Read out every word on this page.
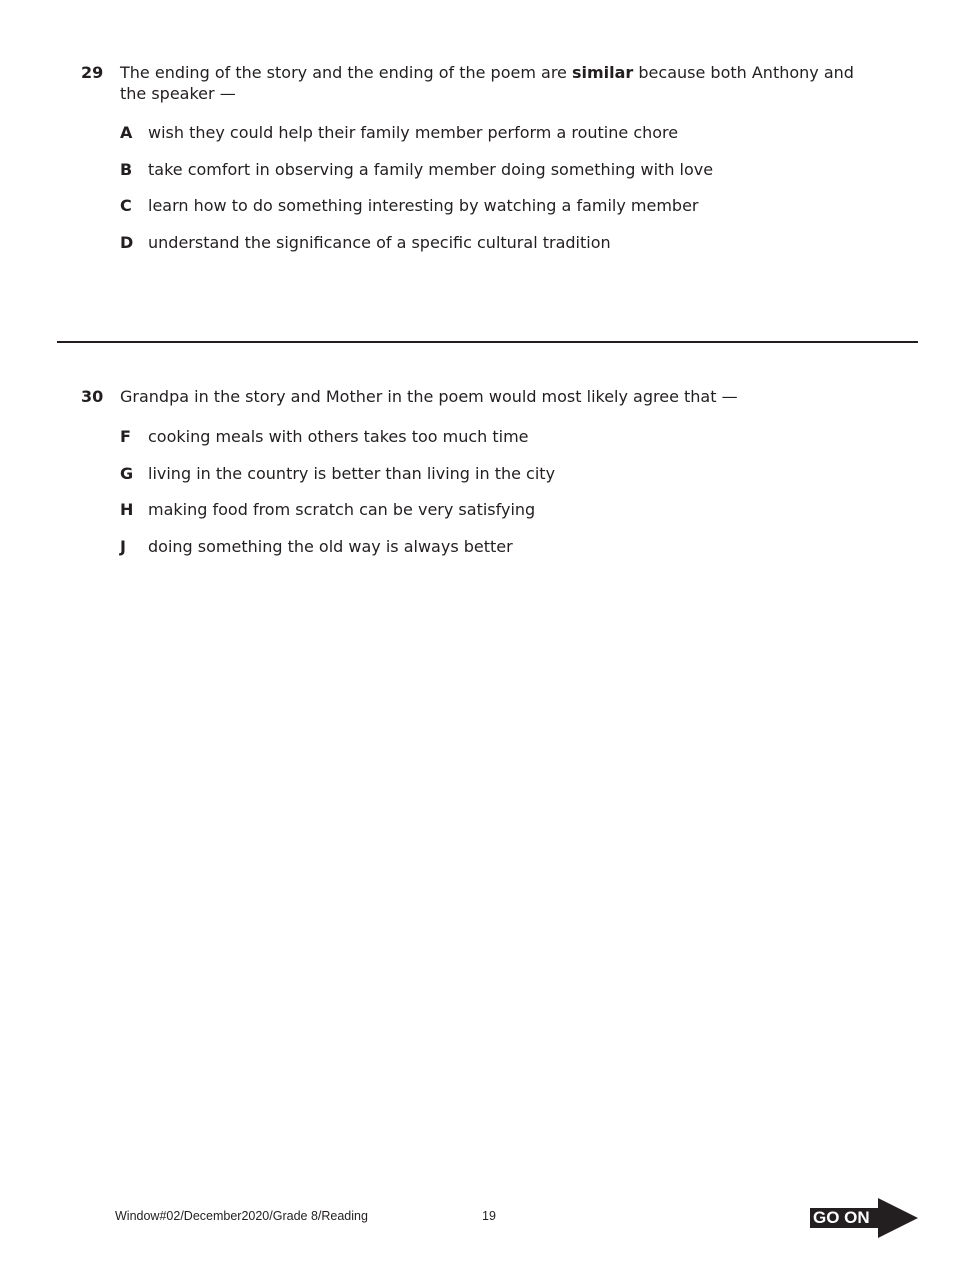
29 The ending of the story and the ending of the poem are similar because both Anthony and the speaker —
A wish they could help their family member perform a routine chore
B take comfort in observing a family member doing something with love
C	learn how to do something interesting by watching a family member
D understand the significance of a specific cultural tradition
30 Grandpa in the story and Mother in the poem would most likely agree that —
F	cooking meals with others takes too much time
G living in the country is better than living in the city
H making food from scratch can be very satisfying
J	doing something the old way is always better
Window#02/December2020/Grade 8/Reading	19	GO ON
